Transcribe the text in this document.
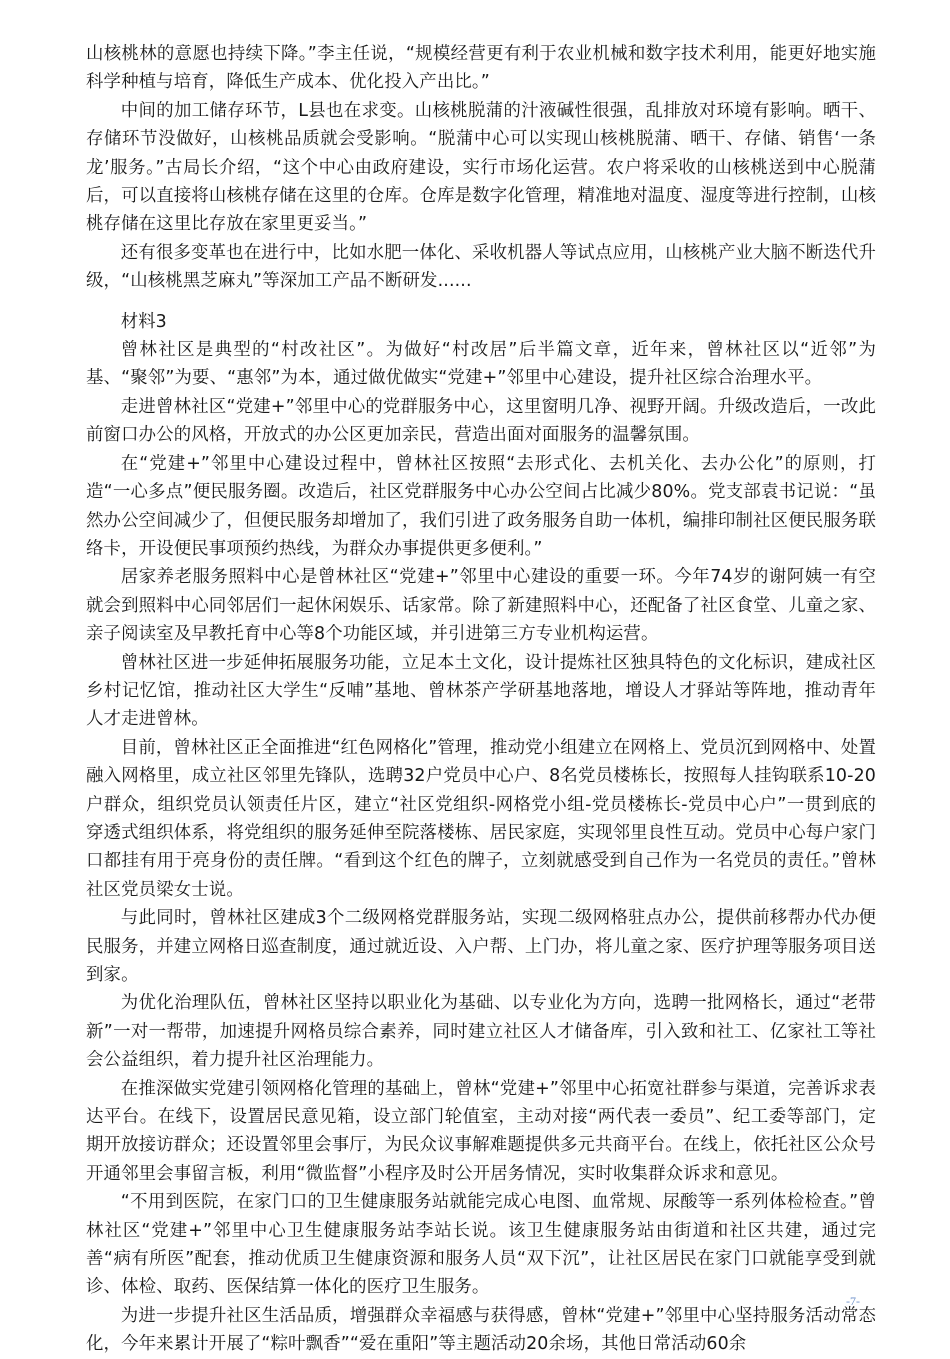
山核桃林的意愿也持续下降。”李主任说，“规模经营更有利于农业机械和数字技术利用，能更好地实施科学种植与培育，降低生产成本、优化投入产出比。”

中间的加工储存环节，L县也在求变。山核桃脱蒲的汁液碱性很强，乱排放对环境有影响。晒干、存储环节没做好，山核桃品质就会受影响。“脱蒲中心可以实现山核桃脱蒲、晒干、存储、销售‘一条龙’服务。”古局长介绍，“这个中心由政府建设，实行市场化运营。农户将采收的山核桃送到中心脱蒲后，可以直接将山核桃存储在这里的仓库。仓库是数字化管理，精准地对温度、湿度等进行控制，山核桃存储在这里比存放在家里更妥当。”

还有很多变革也在进行中，比如水肥一体化、采收机器人等试点应用，山核桃产业大脑不断迭代升级，“山核桃黑芝麻丸”等深加工产品不断研发......

材料3

曾林社区是典型的“村改社区”。为做好“村改居”后半篇文章，近年来，曾林社区以“近邻”为基、“聚邻”为要、“惠邻”为本，通过做优做实“党建+”邻里中心建设，提升社区综合治理水平。

走进曾林社区“党建+”邻里中心的党群服务中心，这里窗明几净、视野开阔。升级改造后，一改此前窗口办公的风格，开放式的办公区更加亲民，营造出面对面服务的温馨氛围。

在“党建+”邻里中心建设过程中，曾林社区按照“去形式化、去机关化、去办公化”的原则，打造“一心多点”便民服务圈。改造后，社区党群服务中心办公空间占比减少80%。党支部袁书记说：“虽然办公空间减少了，但便民服务却增加了，我们引进了政务服务自助一体机，编排印制社区便民服务联络卡，开设便民事项预约热线，为群众办事提供更多便利。”

居家养老服务照料中心是曾林社区“党建+”邻里中心建设的重要一环。今年74岁的谢阿姨一有空就会到照料中心同邻居们一起休闲娱乐、话家常。除了新建照料中心，还配备了社区食堂、儿童之家、亲子阅读室及早教托育中心等8个功能区域，并引进第三方专业机构运营。

曾林社区进一步延伸拓展服务功能，立足本土文化，设计提炼社区独具特色的文化标识，建成社区乡村记忆馆，推动社区大学生“反哺”基地、曾林茶产学研基地落地，增设人才驿站等阵地，推动青年人才走进曾林。

目前，曾林社区正全面推进“红色网格化”管理，推动党小组建立在网格上、党员沉到网格中、处置融入网格里，成立社区邻里先锋队，选聘32户党员中心户、8名党员楼栋长，按照每人挂钩联系10-20户群众，组织党员认领责任片区，建立“社区党组织-网格党小组-党员楼栋长-党员中心户”一贯到底的穿透式组织体系，将党组织的服务延伸至院落楼栋、居民家庭，实现邻里良性互动。党员中心每户家门口都挂有用于亮身份的责任牌。“看到这个红色的牌子，立刻就感受到自己作为一名党员的责任。”曾林社区党员梁女士说。

与此同时，曾林社区建成3个二级网格党群服务站，实现二级网格驻点办公，提供前移帮办代办便民服务，并建立网格日巡查制度，通过就近设、入户帮、上门办，将儿童之家、医疗护理等服务项目送到家。

为优化治理队伍，曾林社区坚持以职业化为基础、以专业化为方向，选聘一批网格长，通过“老带新”一对一帮带，加速提升网格员综合素养，同时建立社区人才储备库，引入致和社工、亿家社工等社会公益组织，着力提升社区治理能力。

在推深做实党建引领网格化管理的基础上，曾林“党建+”邻里中心拓宽社群参与渠道，完善诉求表达平台。在线下，设置居民意见箱，设立部门轮值室，主动对接“两代表一委员”、纪工委等部门，定期开放接访群众；还设置邻里会事厅，为民众议事解难题提供多元共商平台。在线上，依托社区公众号开通邻里会事留言板，利用“微监督”小程序及时公开居务情况，实时收集群众诉求和意见。

“不用到医院，在家门口的卫生健康服务站就能完成心电图、血常规、尿酸等一系列体检检查。”曾林社区“党建+”邻里中心卫生健康服务站李站长说。该卫生健康服务站由街道和社区共建，通过完善“病有所医”配套，推动优质卫生健康资源和服务人员“双下沉”，让社区居民在家门口就能享受到就诊、体检、取药、医保结算一体化的医疗卫生服务。

为进一步提升社区生活品质，增强群众幸福感与获得感，曾林“党建+”邻里中心坚持服务活动常态化，今年来累计开展了“粽叶飘香”“爱在重阳”等主题活动20余场，其他日常活动60余

-7-
